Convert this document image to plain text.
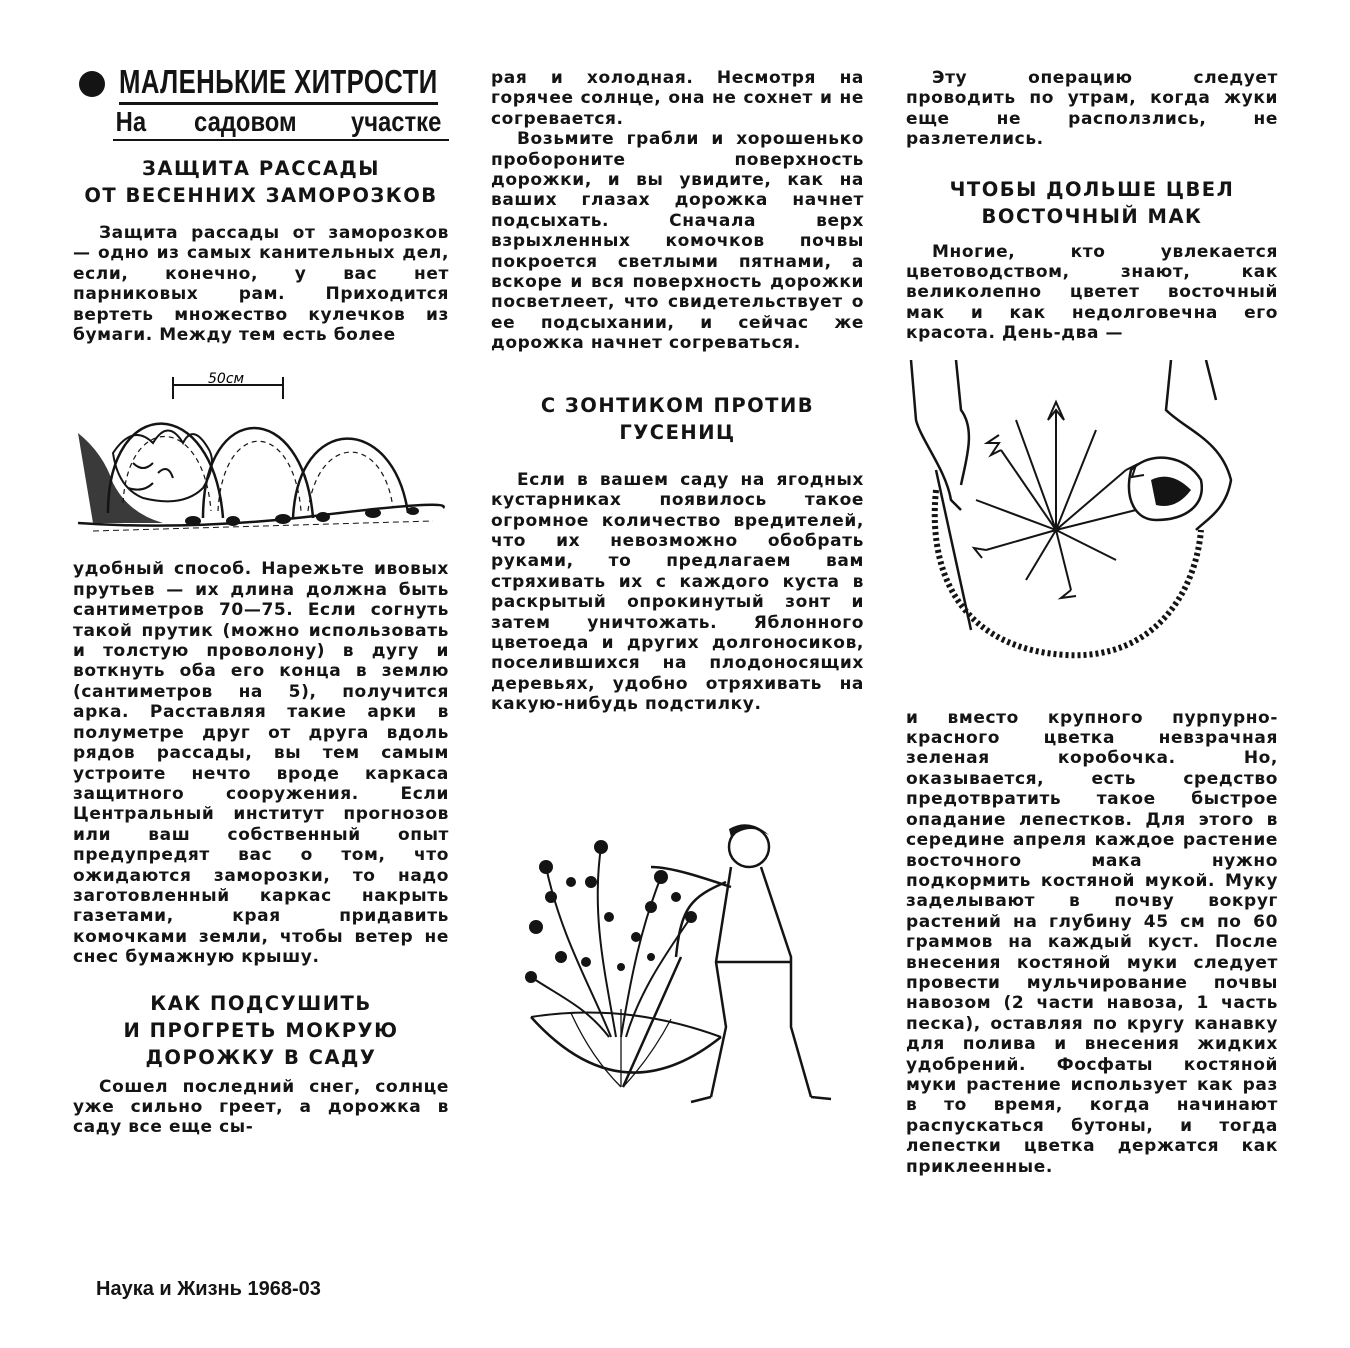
МАЛЕНЬКИЕ ХИТРОСТИ
На садовом участке
ЗАЩИТА РАССАДЫ
ОТ ВЕСЕННИХ ЗАМОРОЗКОВ

Защита рассады от заморозков — одно из самых канительных дел, если, конечно, у вас нет парниковых рам. Приходится вертеть множество кулечков из бумаги. Между тем есть более

50см

удобный способ. Нарежьте ивовых прутьев — их длина должна быть сантиметров 70—75. Если согнуть такой прутик (можно использовать и толстую проволону) в дугу и воткнуть оба его конца в землю (сантиметров на 5), получится арка. Расставляя такие арки в полуметре друг от друга вдоль рядов рассады, вы тем самым устроите нечто вроде каркаса защитного сооружения. Если Центральный институт прогнозов или ваш собственный опыт предупредят вас о том, что ожидаются заморозки, то надо заготовленный каркас накрыть газетами, края придавить комочками земли, чтобы ветер не снес бумажную крышу.

КАК ПОДСУШИТЬ
И ПРОГРЕТЬ МОКРУЮ
ДОРОЖКУ В САДУ

Сошел последний снег, солнце уже сильно греет, а дорожка в саду все еще сы-

рая и холодная. Несмотря на горячее солнце, она не сохнет и не согревается.

Возьмите грабли и хорошенько пробороните поверхность дорожки, и вы увидите, как на ваших глазах дорожка начнет подсыхать. Сначала верх взрыхленных комочков почвы покроется светлыми пятнами, а вскоре и вся поверхность дорожки посветлеет, что свидетельствует о ее подсыхании, и сейчас же дорожка начнет согреваться.

С ЗОНТИКОМ ПРОТИВ
ГУСЕНИЦ

Если в вашем саду на ягодных кустарниках появилось такое огромное количество вредителей, что их невозможно обобрать руками, то предлагаем вам стряхивать их с каждого куста в раскрытый опрокинутый зонт и затем уничтожать. Яблонного цветоеда и других долгоносиков, поселившихся на плодоносящих деревьях, удобно отряхивать на какую-нибудь подстилку.

Эту операцию следует проводить по утрам, когда жуки еще не расползлись, не разлетелись.

ЧТОБЫ ДОЛЬШЕ ЦВЕЛ
ВОСТОЧНЫЙ МАК

Многие, кто увлекается цветоводством, знают, как великолепно цветет восточный мак и как недолговечна его красота. День-два —

и вместо крупного пурпурно-красного цветка невзрачная зеленая коробочка. Но, оказывается, есть средство предотвратить такое быстрое опадание лепестков. Для этого в середине апреля каждое растение восточного мака нужно подкормить костяной мукой. Муку заделывают в почву вокруг растений на глубину 45 см по 60 граммов на каждый куст. После внесения костяной муки следует провести мульчирование почвы навозом (2 части навоза, 1 часть песка), оставляя по кругу канавку для полива и внесения жидких удобрений. Фосфаты костяной муки растение использует как раз в то время, когда начинают распускаться бутоны, и тогда лепестки цветка держатся как приклеенные.

Наука и Жизнь 1968-03
